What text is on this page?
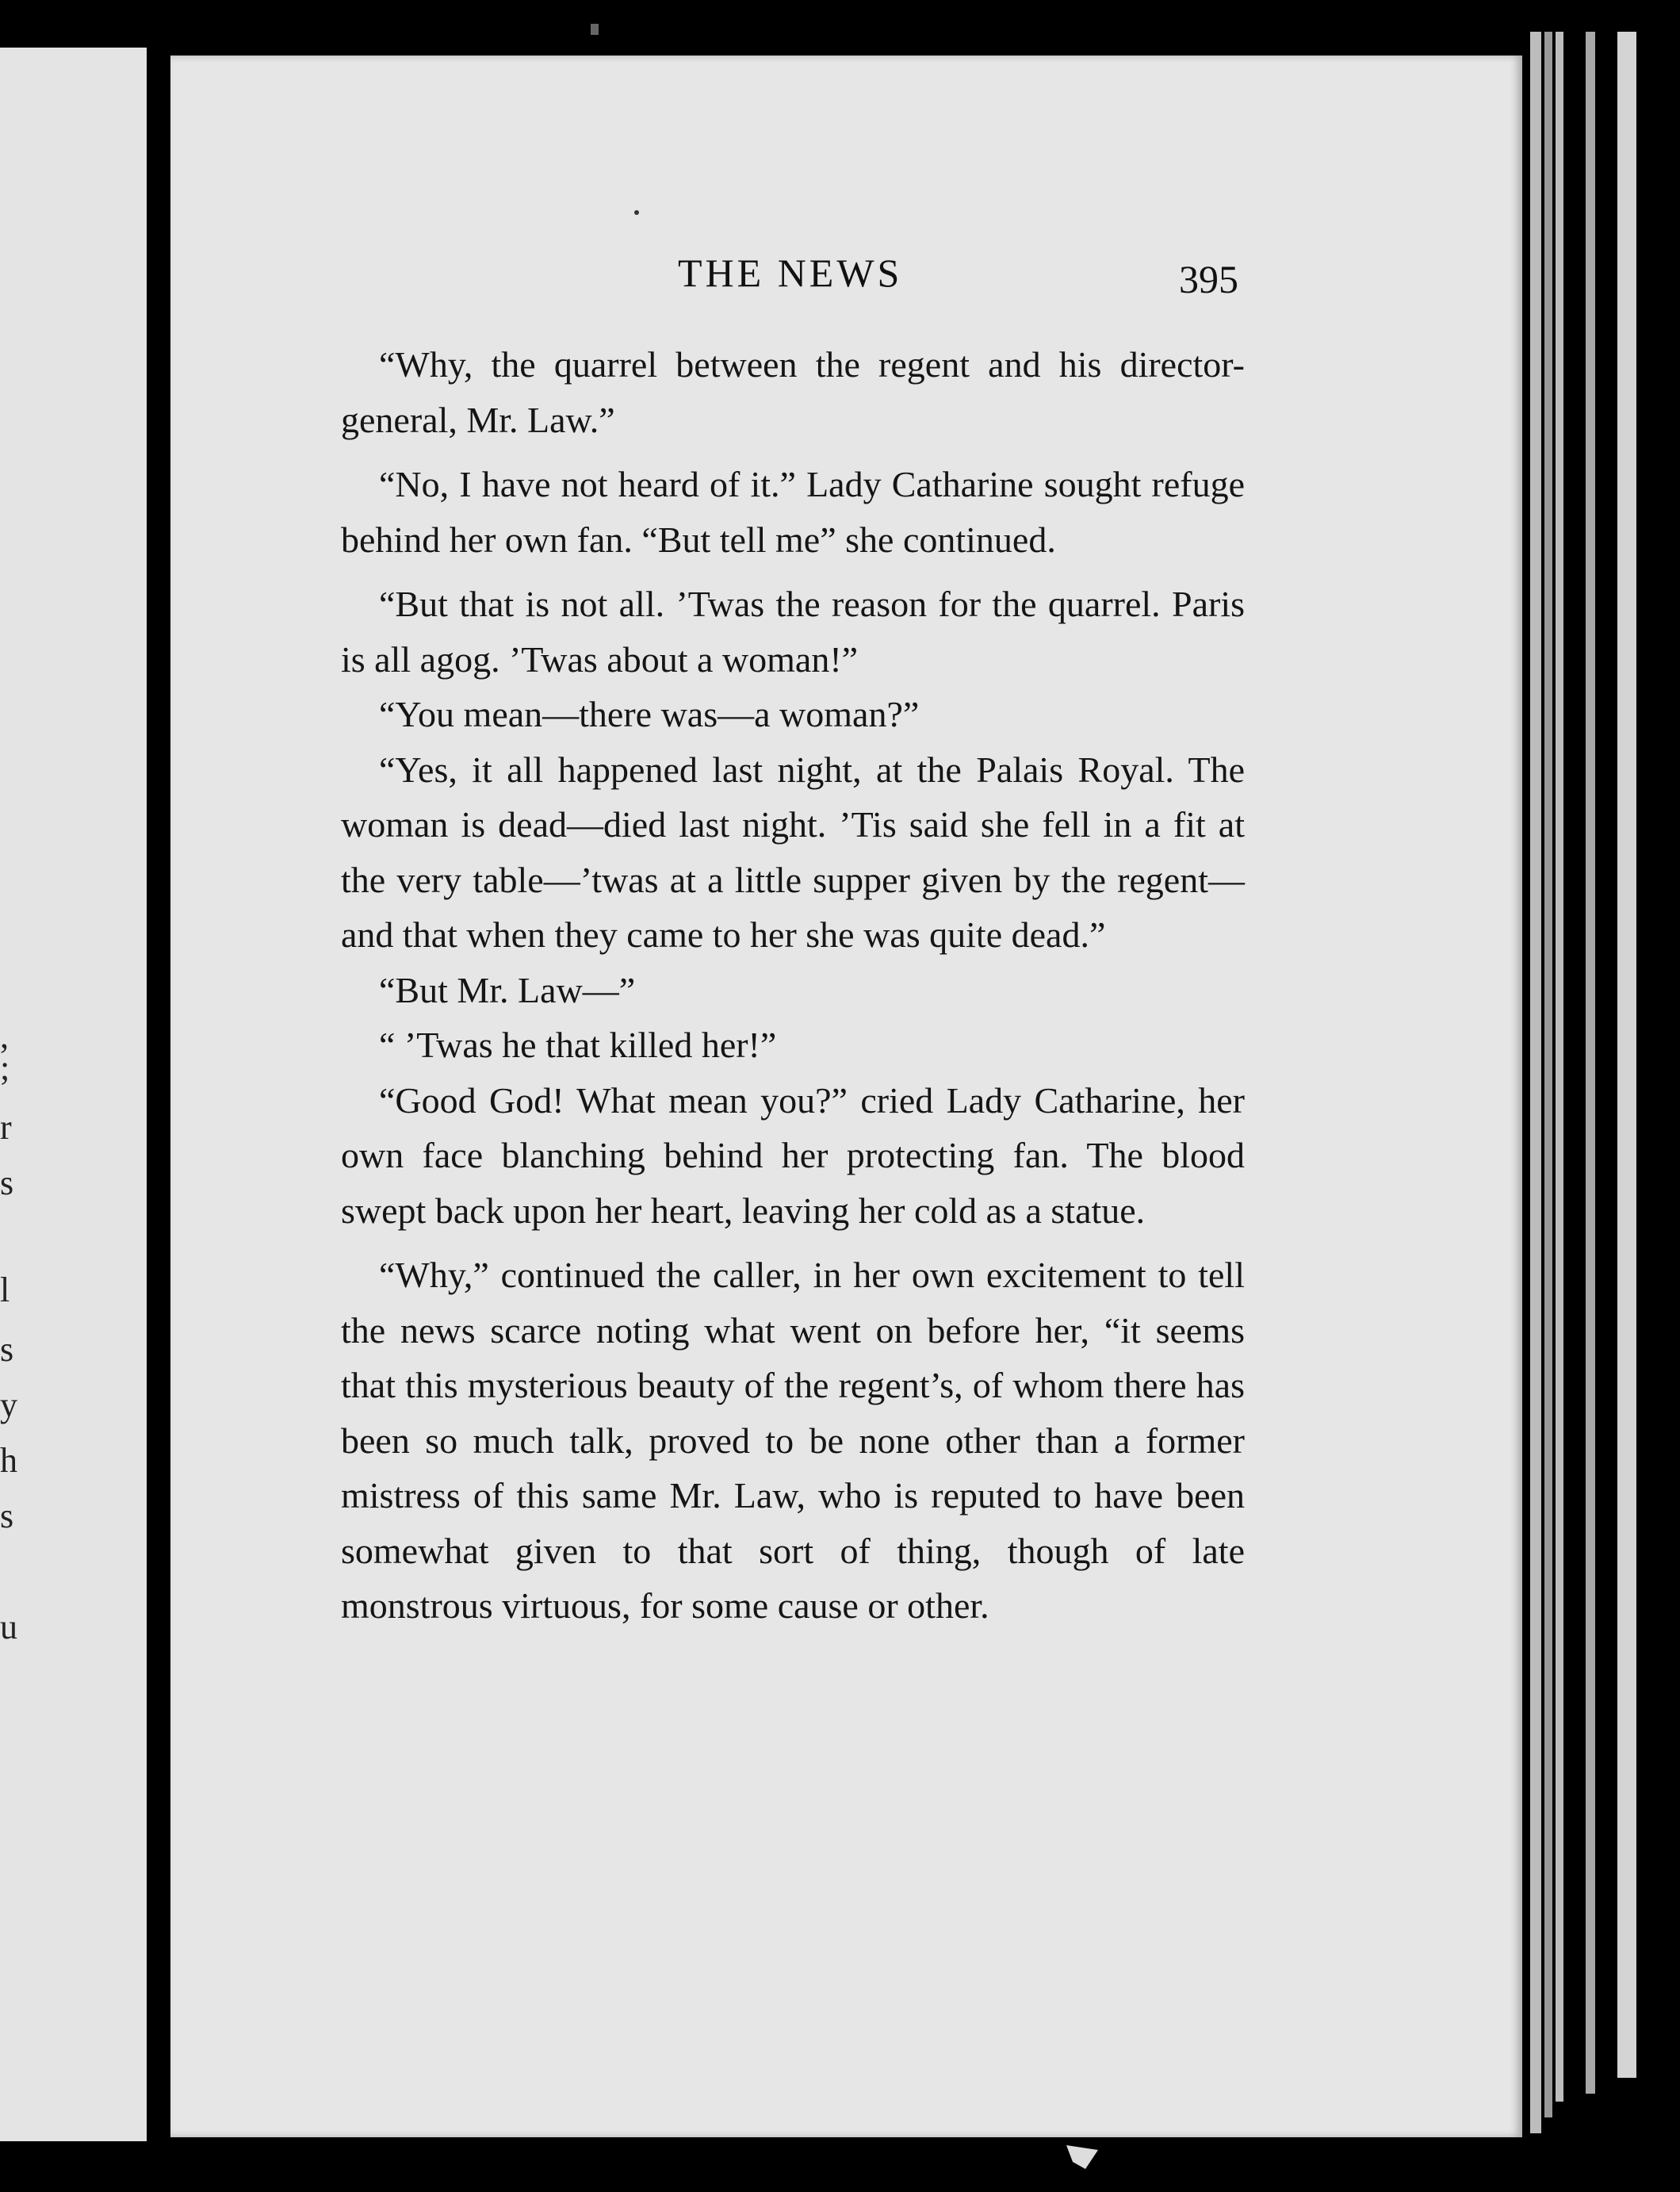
,
;
r
s
l
s
y
h
s
u
THE NEWS	395

“Why, the quarrel between the regent and his director-general, Mr. Law.”

“No, I have not heard of it.” Lady Catharine sought refuge behind her own fan. “But tell me” she continued.

“But that is not all. ’Twas the reason for the quarrel. Paris is all agog. ’Twas about a woman!”

“You mean—there was—a woman?”

“Yes, it all happened last night, at the Palais Royal. The woman is dead—died last night. ’Tis said she fell in a fit at the very table—’twas at a little supper given by the regent—and that when they came to her she was quite dead.”

“But Mr. Law—”

“ ’Twas he that killed her!”

“Good God! What mean you?” cried Lady Catharine, her own face blanching behind her protecting fan. The blood swept back upon her heart, leaving her cold as a statue.

“Why,” continued the caller, in her own excitement to tell the news scarce noting what went on before her, “it seems that this mysterious beauty of the regent’s, of whom there has been so much talk, proved to be none other than a former mistress of this same Mr. Law, who is reputed to have been somewhat given to that sort of thing, though of late monstrous virtuous, for some cause or other.
